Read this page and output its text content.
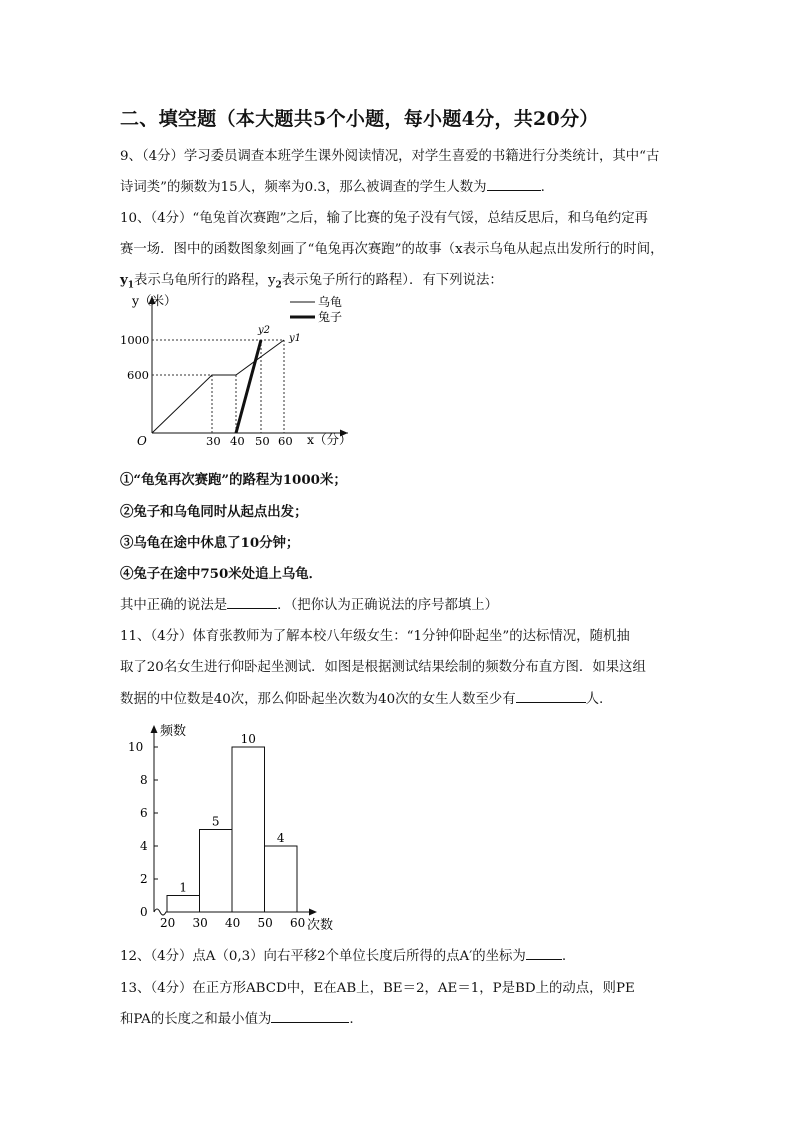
二、填空题（本大题共5个小题，每小题4分，共20分）
9、（4分）学习委员调查本班学生课外阅读情况，对学生喜爱的书籍进行分类统计，其中“古
诗词类”的频数为15人，频率为0.3，那么被调查的学生人数为	.
10、（4分）“龟兔首次赛跑”之后，输了比赛的兔子没有气馁，总结反思后，和乌龟约定再
赛一场．图中的函数图象刻画了“龟兔再次赛跑”的故事（x表示乌龟从起点出发所行的时间，
$y_1$表示乌龟所行的路程，$y_2$表示兔子所行的路程）．有下列说法：
乌龟
兔子
y（米）
1000
600
O	30 40 50 60 x（分）
y2
y1
①“龟兔再次赛跑”的路程为1000米；
②兔子和乌龟同时从起点出发；
③乌龟在途中休息了10分钟；
④兔子在途中750米处追上乌龟．
其中正确的说法是	．（把你认为正确说法的序号都填上）
11、（4分）体育张教师为了解本校八年级女生：“1分钟仰卧起坐”的达标情况，随机抽
取了20名女生进行仰卧起坐测试．如图是根据测试结果绘制的频数分布直方图．如果这组
数据的中位数是40次，那么仰卧起坐次数为40次的女生人数至少有	人.
0
2
4
6
8
10
20 30 40 50 60
1
5
10
4
频数
次数
12、（4分）点A（0,3）向右平移2个单位长度后所得的点A′的坐标为	.
13、（4分）在正方形ABCD中，E在AB上，BE＝2，AE＝1，P是BD上的动点，则PE
和PA的长度之和最小值为	.
